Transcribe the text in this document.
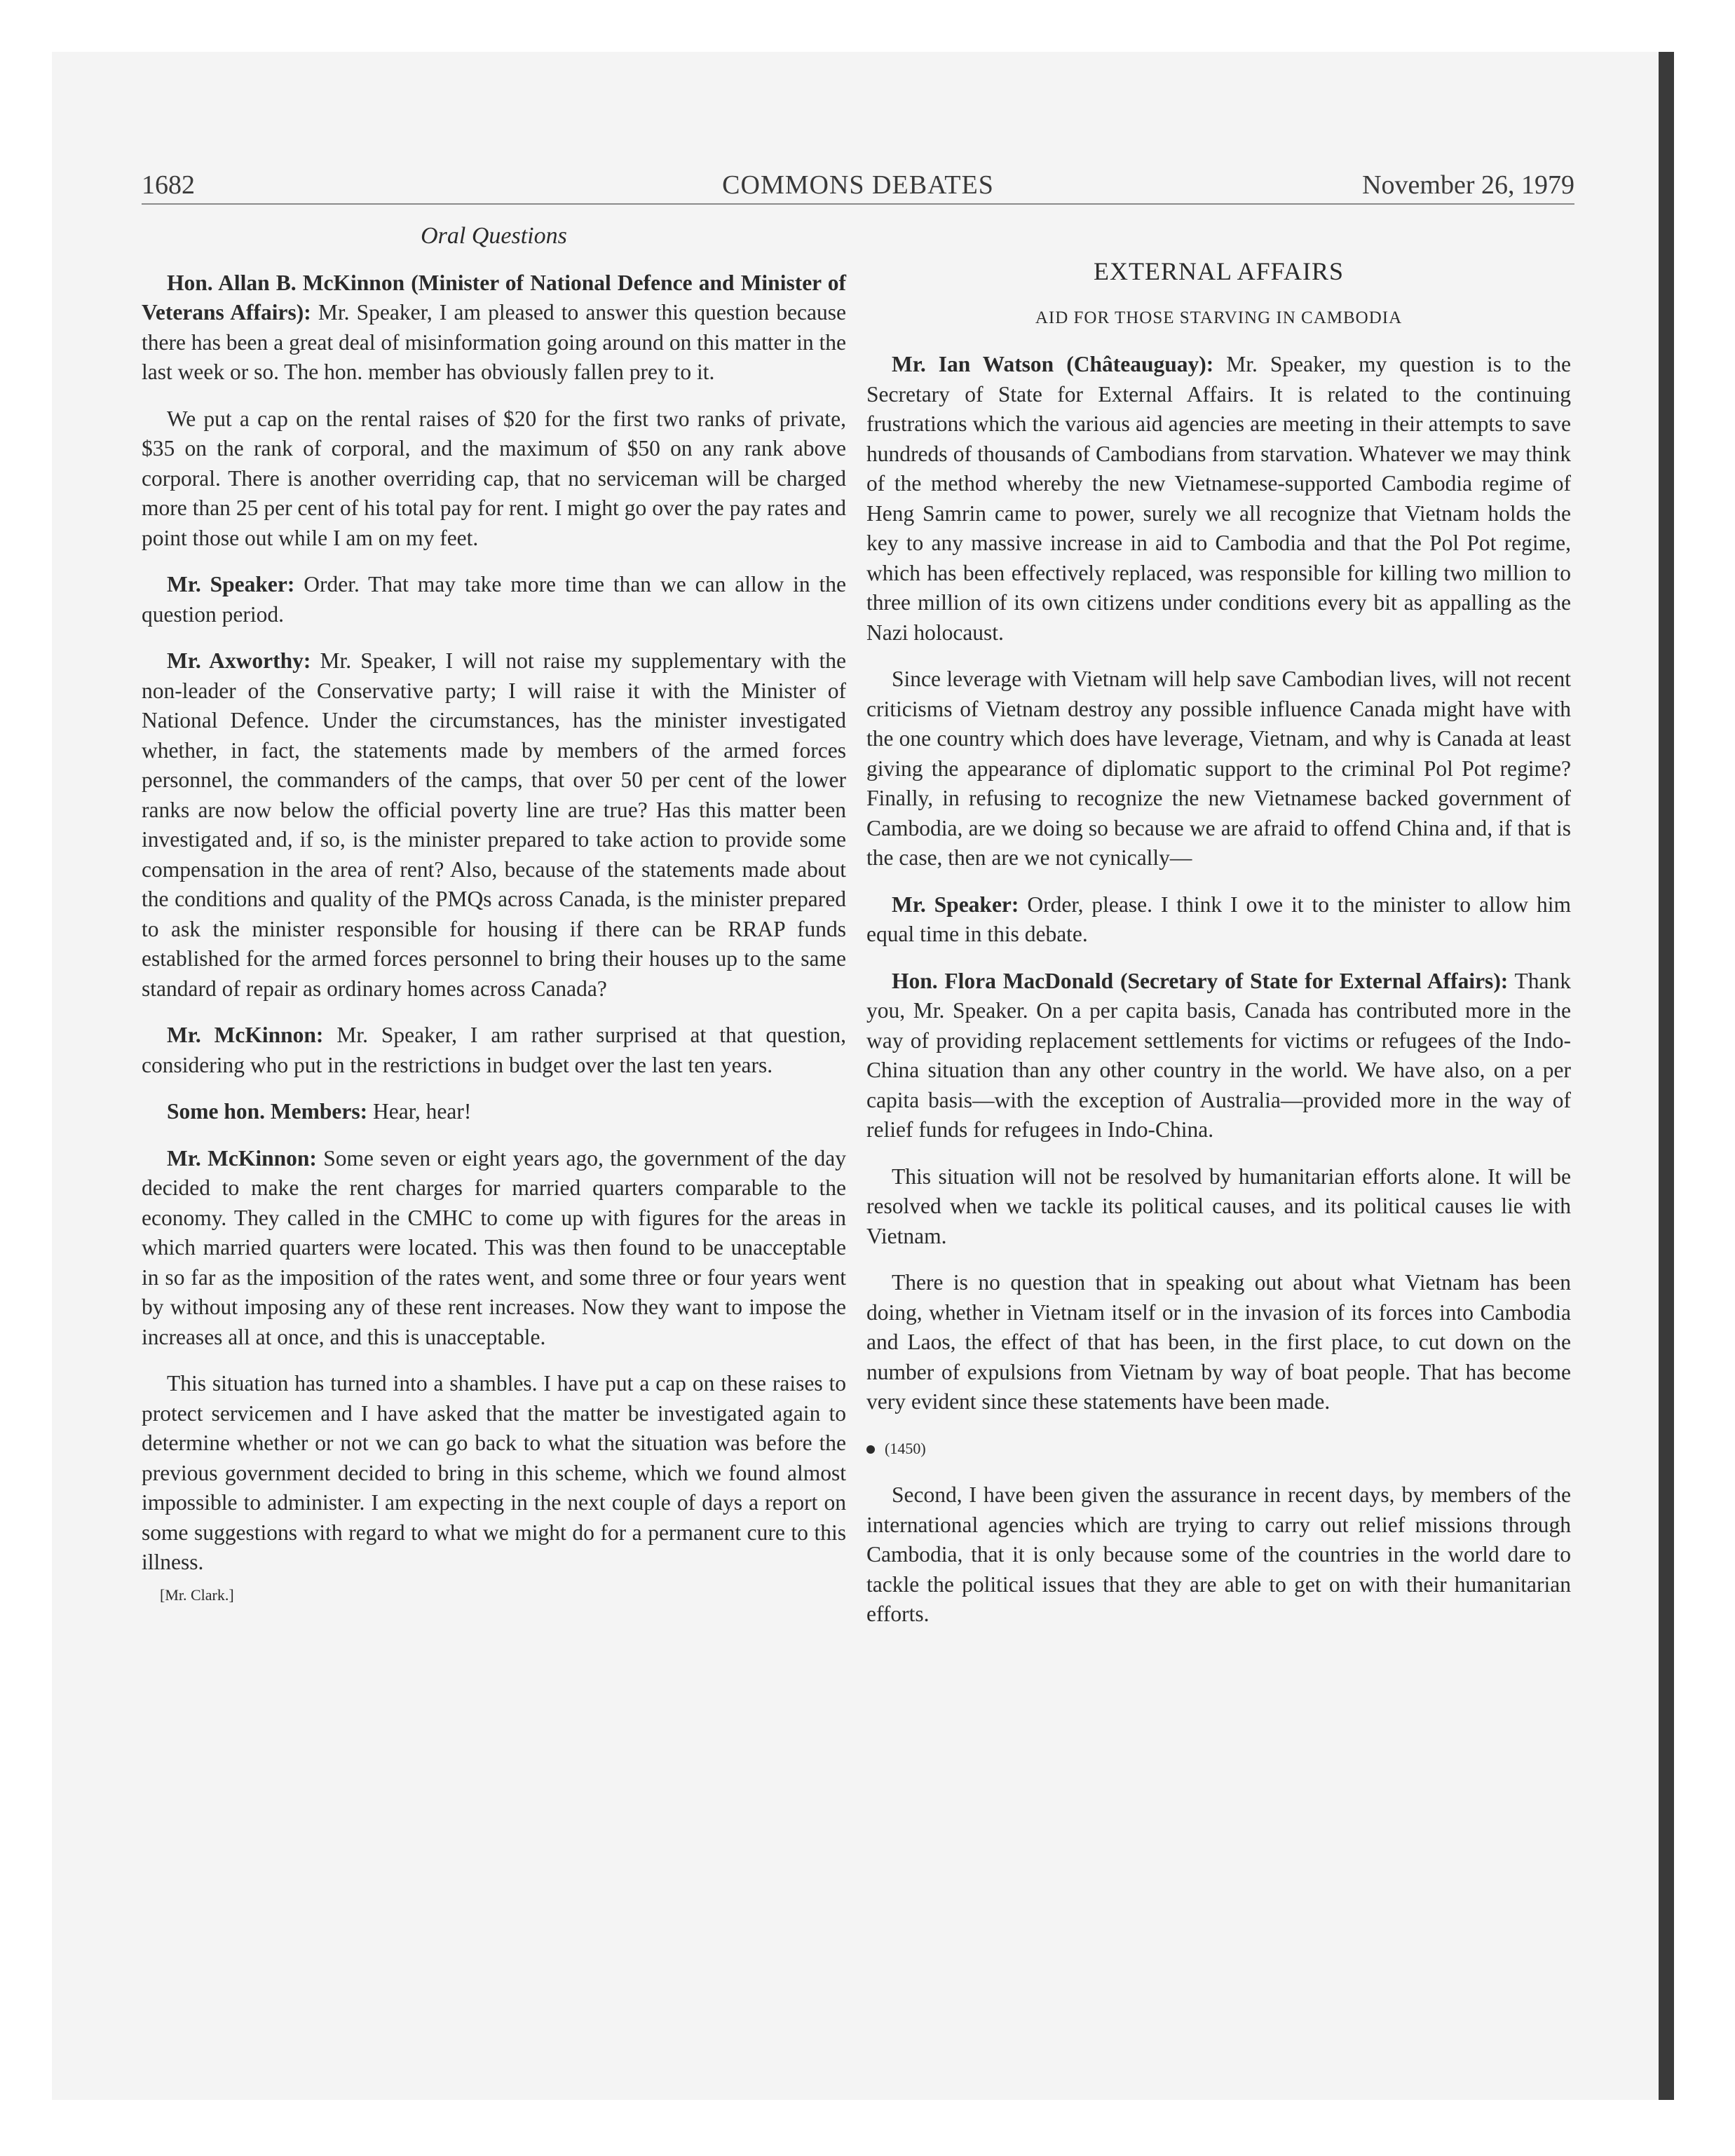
1682	COMMONS DEBATES	November 26, 1979

Oral Questions

Hon. Allan B. McKinnon (Minister of National Defence and Minister of Veterans Affairs): Mr. Speaker, I am pleased to answer this question because there has been a great deal of misinformation going around on this matter in the last week or so. The hon. member has obviously fallen prey to it.

We put a cap on the rental raises of $20 for the first two ranks of private, $35 on the rank of corporal, and the maximum of $50 on any rank above corporal. There is another overriding cap, that no serviceman will be charged more than 25 per cent of his total pay for rent. I might go over the pay rates and point those out while I am on my feet.

Mr. Speaker: Order. That may take more time than we can allow in the question period.

Mr. Axworthy: Mr. Speaker, I will not raise my supplementary with the non-leader of the Conservative party; I will raise it with the Minister of National Defence. Under the circumstances, has the minister investigated whether, in fact, the statements made by members of the armed forces personnel, the commanders of the camps, that over 50 per cent of the lower ranks are now below the official poverty line are true? Has this matter been investigated and, if so, is the minister prepared to take action to provide some compensation in the area of rent? Also, because of the statements made about the conditions and quality of the PMQs across Canada, is the minister prepared to ask the minister responsible for housing if there can be RRAP funds established for the armed forces personnel to bring their houses up to the same standard of repair as ordinary homes across Canada?

Mr. McKinnon: Mr. Speaker, I am rather surprised at that question, considering who put in the restrictions in budget over the last ten years.

Some hon. Members: Hear, hear!

Mr. McKinnon: Some seven or eight years ago, the government of the day decided to make the rent charges for married quarters comparable to the economy. They called in the CMHC to come up with figures for the areas in which married quarters were located. This was then found to be unacceptable in so far as the imposition of the rates went, and some three or four years went by without imposing any of these rent increases. Now they want to impose the increases all at once, and this is unacceptable.

This situation has turned into a shambles. I have put a cap on these raises to protect servicemen and I have asked that the matter be investigated again to determine whether or not we can go back to what the situation was before the previous government decided to bring in this scheme, which we found almost impossible to administer. I am expecting in the next couple of days a report on some suggestions with regard to what we might do for a permanent cure to this illness.

[Mr. Clark.]

EXTERNAL AFFAIRS

AID FOR THOSE STARVING IN CAMBODIA

Mr. Ian Watson (Châteauguay): Mr. Speaker, my question is to the Secretary of State for External Affairs. It is related to the continuing frustrations which the various aid agencies are meeting in their attempts to save hundreds of thousands of Cambodians from starvation. Whatever we may think of the method whereby the new Vietnamese-supported Cambodia regime of Heng Samrin came to power, surely we all recognize that Vietnam holds the key to any massive increase in aid to Cambodia and that the Pol Pot regime, which has been effectively replaced, was responsible for killing two million to three million of its own citizens under conditions every bit as appalling as the Nazi holocaust.

Since leverage with Vietnam will help save Cambodian lives, will not recent criticisms of Vietnam destroy any possible influence Canada might have with the one country which does have leverage, Vietnam, and why is Canada at least giving the appearance of diplomatic support to the criminal Pol Pot regime? Finally, in refusing to recognize the new Vietnamese backed government of Cambodia, are we doing so because we are afraid to offend China and, if that is the case, then are we not cynically—

Mr. Speaker: Order, please. I think I owe it to the minister to allow him equal time in this debate.

Hon. Flora MacDonald (Secretary of State for External Affairs): Thank you, Mr. Speaker. On a per capita basis, Canada has contributed more in the way of providing replacement settlements for victims or refugees of the Indo-China situation than any other country in the world. We have also, on a per capita basis—with the exception of Australia—provided more in the way of relief funds for refugees in Indo-China.

This situation will not be resolved by humanitarian efforts alone. It will be resolved when we tackle its political causes, and its political causes lie with Vietnam.

There is no question that in speaking out about what Vietnam has been doing, whether in Vietnam itself or in the invasion of its forces into Cambodia and Laos, the effect of that has been, in the first place, to cut down on the number of expulsions from Vietnam by way of boat people. That has become very evident since these statements have been made.

(1450)

Second, I have been given the assurance in recent days, by members of the international agencies which are trying to carry out relief missions through Cambodia, that it is only because some of the countries in the world dare to tackle the political issues that they are able to get on with their humanitarian efforts.
